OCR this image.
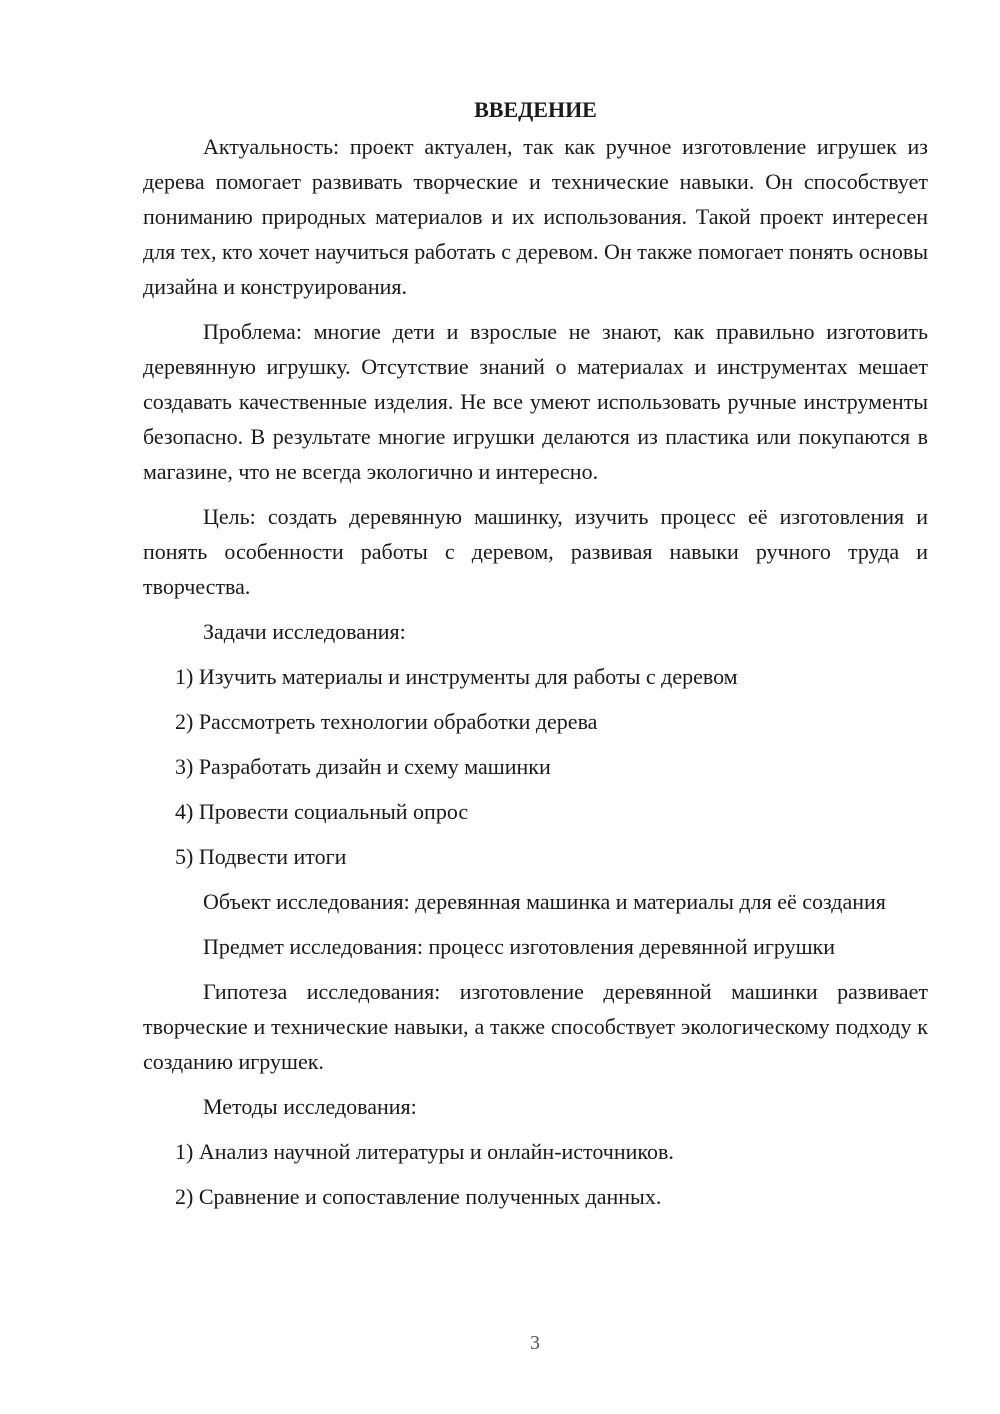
ВВЕДЕНИЕ

Актуальность: проект актуален, так как ручное изготовление игрушек из дерева помогает развивать творческие и технические навыки. Он способствует пониманию природных материалов и их использования. Такой проект интересен для тех, кто хочет научиться работать с деревом. Он также помогает понять основы дизайна и конструирования.

Проблема: многие дети и взрослые не знают, как правильно изготовить деревянную игрушку. Отсутствие знаний о материалах и инструментах мешает создавать качественные изделия. Не все умеют использовать ручные инструменты безопасно. В результате многие игрушки делаются из пластика или покупаются в магазине, что не всегда экологично и интересно.

Цель: создать деревянную машинку, изучить процесс её изготовления и понять особенности работы с деревом, развивая навыки ручного труда и творчества.

Задачи исследования:

1) Изучить материалы и инструменты для работы с деревом

2) Рассмотреть технологии обработки дерева

3) Разработать дизайн и схему машинки

4) Провести социальный опрос

5) Подвести итоги

Объект исследования: деревянная машинка и материалы для её создания

Предмет исследования: процесс изготовления деревянной игрушки

Гипотеза исследования: изготовление деревянной машинки развивает творческие и технические навыки, а также способствует экологическому подходу к созданию игрушек.

Методы исследования:

1) Анализ научной литературы и онлайн-источников.

2) Сравнение и сопоставление полученных данных.

3
